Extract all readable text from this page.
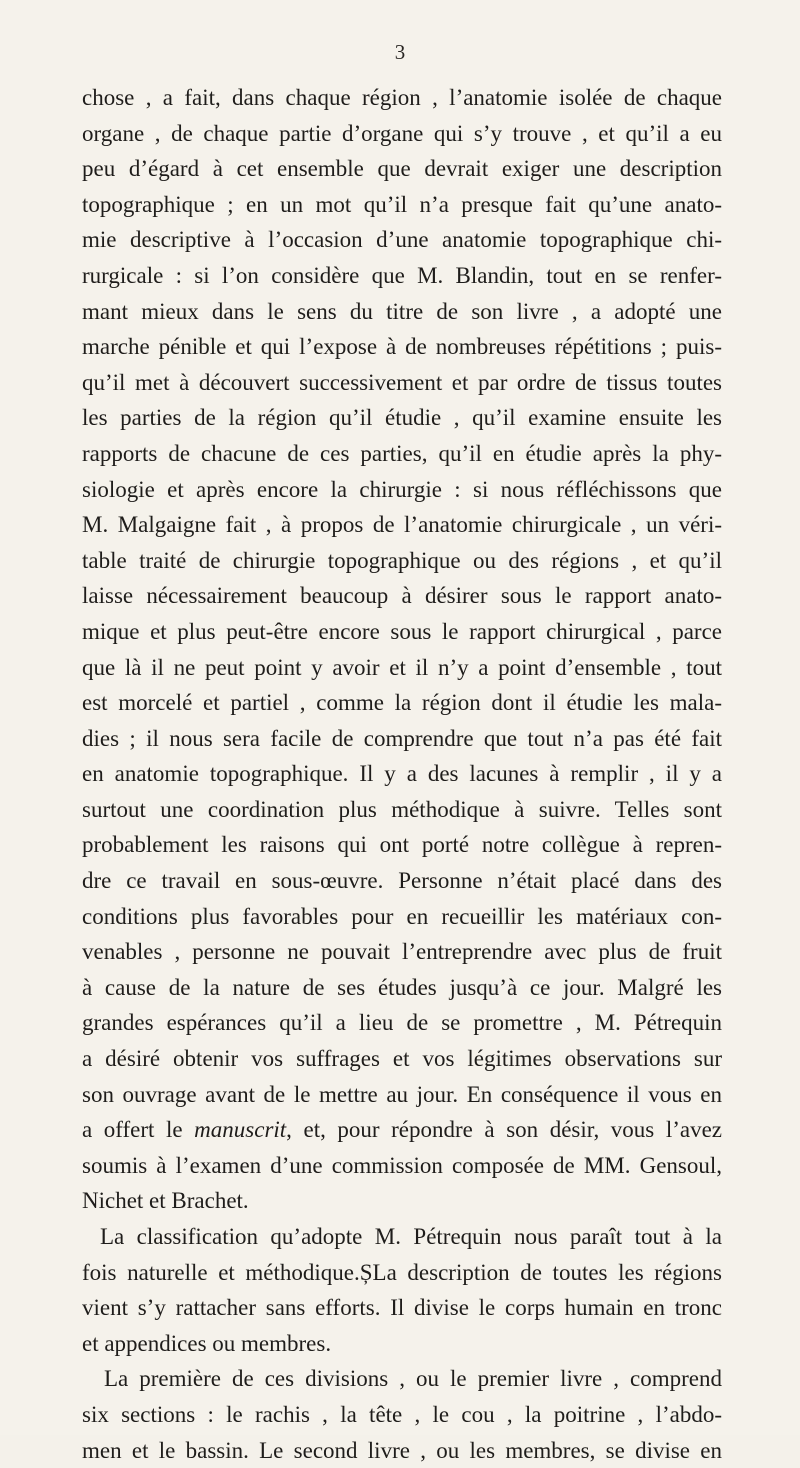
3
chose , a fait, dans chaque région , l’anatomie isolée de chaque
organe , de chaque partie d’organe qui s’y trouve , et qu’il a eu
peu d’égard à cet ensemble que devrait exiger une description
topographique ; en un mot qu’il n’a presque fait qu’une anato-
mie descriptive à l’occasion d’une anatomie topographique chi-
rurgicale : si l’on considère que M. Blandin, tout en se renfer-
mant mieux dans le sens du titre de son livre , a adopté une
marche pénible et qui l’expose à de nombreuses répétitions ; puis-
qu’il met à découvert successivement et par ordre de tissus toutes
les parties de la région qu’il étudie , qu’il examine ensuite les
rapports de chacune de ces parties, qu’il en étudie après la phy-
siologie et après encore la chirurgie : si nous réfléchissons que
M. Malgaigne fait , à propos de l’anatomie chirurgicale , un véri-
table traité de chirurgie topographique ou des régions , et qu’il
laisse nécessairement beaucoup à désirer sous le rapport anato-
mique et plus peut-être encore sous le rapport chirurgical , parce
que là il ne peut point y avoir et il n’y a point d’ensemble , tout
est morcelé et partiel , comme la région dont il étudie les mala-
dies ; il nous sera facile de comprendre que tout n’a pas été fait
en anatomie topographique. Il y a des lacunes à remplir , il y a
surtout une coordination plus méthodique à suivre. Telles sont
probablement les raisons qui ont porté notre collègue à repren-
dre ce travail en sous-œuvre. Personne n’était placé dans des
conditions plus favorables pour en recueillir les matériaux con-
venables , personne ne pouvait l’entreprendre avec plus de fruit
à cause de la nature de ses études jusqu’à ce jour. Malgré les
grandes espérances qu’il a lieu de se promettre , M. Pétrequin
a désiré obtenir vos suffrages et vos légitimes observations sur
son ouvrage avant de le mettre au jour. En conséquence il vous en
a offert le manuscrit, et, pour répondre à son désir, vous l’avez
soumis à l’examen d’une commission composée de MM. Gensoul,
Nichet et Brachet.
La classification qu’adopte M. Pétrequin nous paraît tout à la
fois naturelle et méthodique.ȘLa description de toutes les régions
vient s’y rattacher sans efforts. Il divise le corps humain en tronc
et appendices ou membres.
La première de ces divisions , ou le premier livre , comprend
six sections : le rachis , la tête , le cou , la poitrine , l’abdo-
men et le bassin. Le second livre , ou les membres, se divise en
